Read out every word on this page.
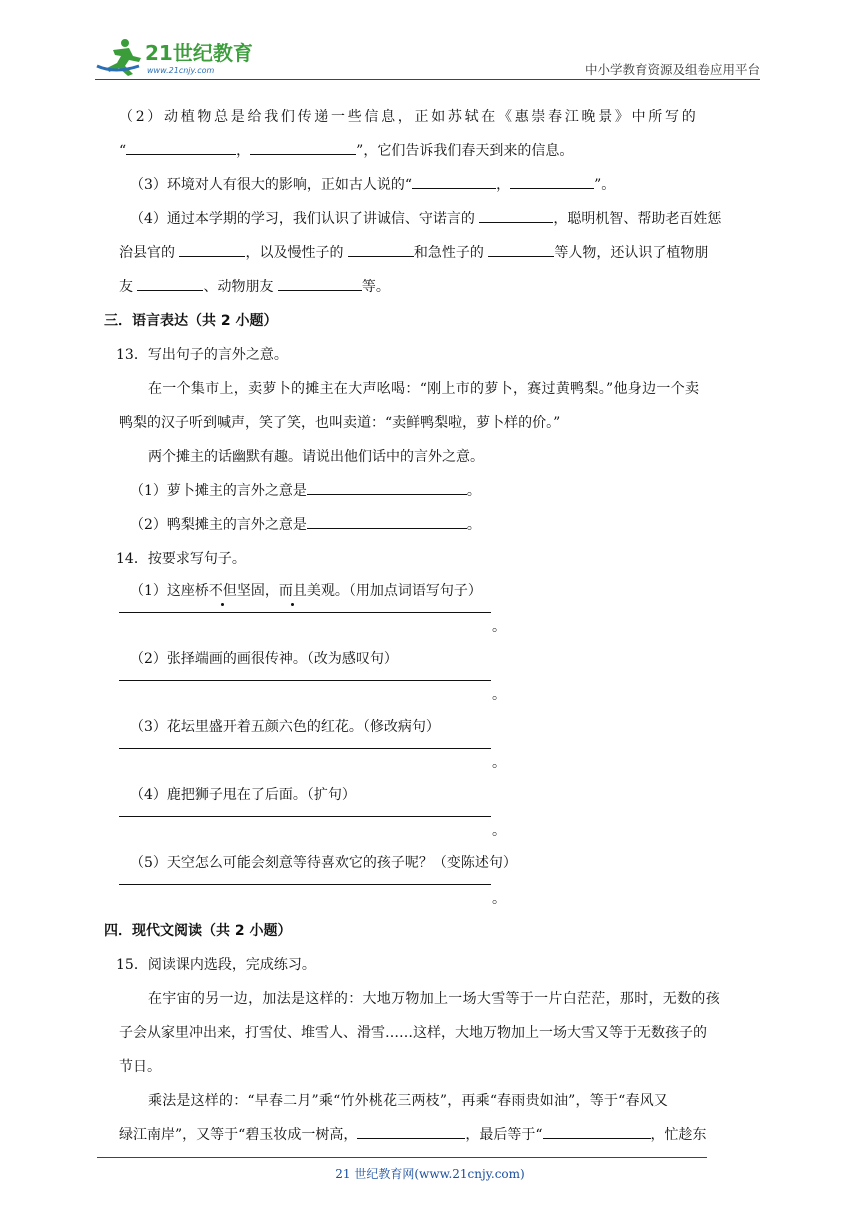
21世纪教育
www.21cnjy.com	中小学教育资源及组卷应用平台
（2）动植物总是给我们传递一些信息，正如苏轼在《惠崇春江晚景》中所写的
“	，	”，它们告诉我们春天到来的信息。
（3）环境对人有很大的影响，正如古人说的“	，	”。
（4）通过本学期的学习，我们认识了讲诚信、守诺言的	，聪明机智、帮助老百姓惩
治县官的	，以及慢性子的	和急性子的	等人物，还认识了植物朋
友	、动物朋友	等。
三．语言表达（共 2 小题）
13．写出句子的言外之意。
在一个集市上，卖萝卜的摊主在大声吆喝：“刚上市的萝卜，赛过黄鸭梨。”他身边一个卖
鸭梨的汉子听到喊声，笑了笑，也叫卖道：“卖鲜鸭梨啦，萝卜样的价。”
两个摊主的话幽默有趣。请说出他们话中的言外之意。
（1）萝卜摊主的言外之意是	。
（2）鸭梨摊主的言外之意是	。
14．按要求写句子。
（1）这座桥不但坚固，而且美观。（用加点词语写句子）
。
（2）张择端画的画很传神。（改为感叹句）
。
（3）花坛里盛开着五颜六色的红花。（修改病句）
。
（4）鹿把狮子甩在了后面。（扩句）
。
（5）天空怎么可能会刻意等待喜欢它的孩子呢？（变陈述句）
。
四．现代文阅读（共 2 小题）
15．阅读课内选段，完成练习。
在宇宙的另一边，加法是这样的：大地万物加上一场大雪等于一片白茫茫，那时，无数的孩
子会从家里冲出来，打雪仗、堆雪人、滑雪……这样，大地万物加上一场大雪又等于无数孩子的
节日。
乘法是这样的：“早春二月”乘“竹外桃花三两枝”，再乘“春雨贵如油”，等于“春风又
绿江南岸”，又等于“碧玉妆成一树高，	，最后等于“	，忙趁东
21 世纪教育网(www.21cnjy.com)
